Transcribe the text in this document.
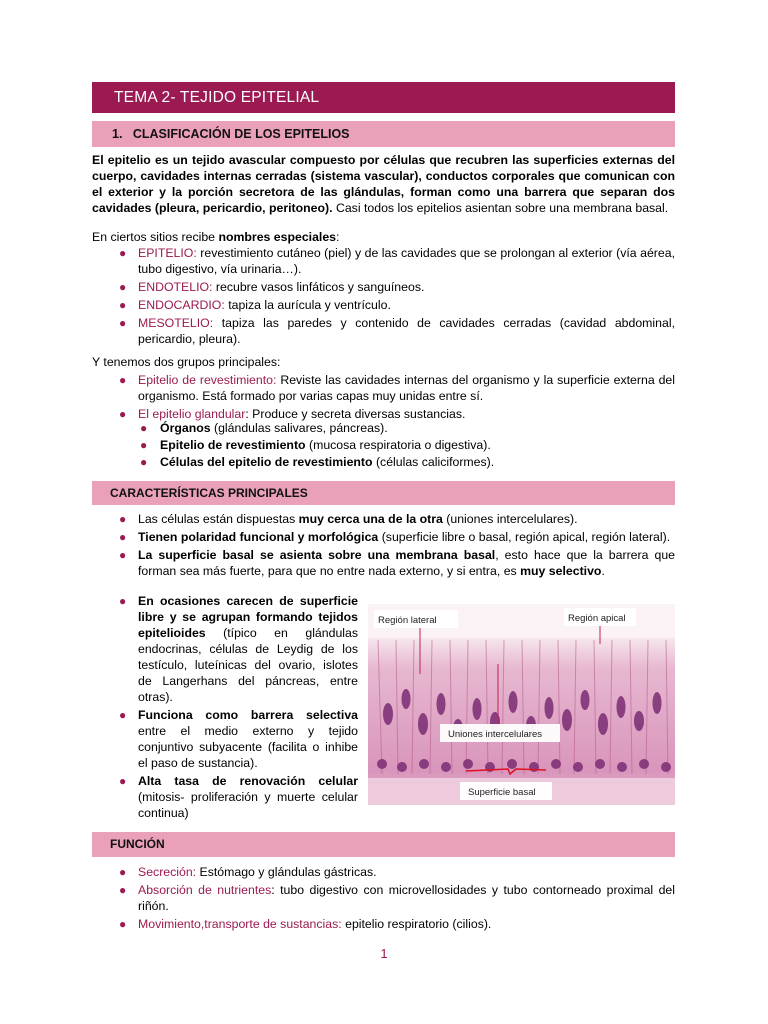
TEMA 2- TEJIDO EPITELIAL
1.   CLASIFICACIÓN DE LOS EPITELIOS
El epitelio es un tejido avascular compuesto por células que recubren las superficies externas del cuerpo, cavidades internas cerradas (sistema vascular), conductos corporales que comunican con el exterior y la porción secretora de las glándulas, forman como una barrera que separan dos cavidades (pleura, pericardio, peritoneo). Casi todos los epitelios asientan sobre una membrana basal.
En ciertos sitios recibe nombres especiales:
● EPITELIO: revestimiento cutáneo (piel) y de las cavidades que se prolongan al exterior (vía aérea, tubo digestivo, vía urinaria…).
● ENDOTELIO: recubre vasos linfáticos y sanguíneos.
● ENDOCARDIO: tapiza la aurícula y ventrículo.
● MESOTELIO: tapiza las paredes y contenido de cavidades cerradas (cavidad abdominal, pericardio, pleura).
Y tenemos dos grupos principales:
● Epitelio de revestimiento: Reviste las cavidades internas del organismo y la superficie externa del organismo. Está formado por varias capas muy unidas entre sí.
● El epitelio glandular: Produce y secreta diversas sustancias.
● Órganos (glándulas salivares, páncreas).
● Epitelio de revestimiento (mucosa respiratoria o digestiva).
● Células del epitelio de revestimiento (células caliciformes).
CARACTERÍSTICAS PRINCIPALES
● Las células están dispuestas muy cerca una de la otra (uniones intercelulares).
● Tienen polaridad funcional y morfológica (superficie libre o basal, región apical, región lateral).
● La superficie basal se asienta sobre una membrana basal, esto hace que la barrera que forman sea más fuerte, para que no entre nada externo, y si entra, es muy selectivo.
● En ocasiones carecen de superficie libre y se agrupan formando tejidos epitelioides (típico en glándulas endocrinas, células de Leydig de los testículo, luteínicas del ovario, islotes de Langerhans del páncreas, entre otras).
● Funciona como barrera selectiva entre el medio externo y tejido conjuntivo subyacente (facilita o inhibe el paso de sustancia).
● Alta tasa de renovación celular (mitosis- proliferación y muerte celular continua)
Región lateral	Región apical
Uniones intercelulares
Superficie basal
FUNCIÓN
● Secreción: Estómago y glándulas gástricas.
● Absorción de nutrientes: tubo digestivo con microvellosidades y tubo contorneado proximal del riñón.
● Movimiento,transporte de sustancias: epitelio respiratorio (cilios).
1
